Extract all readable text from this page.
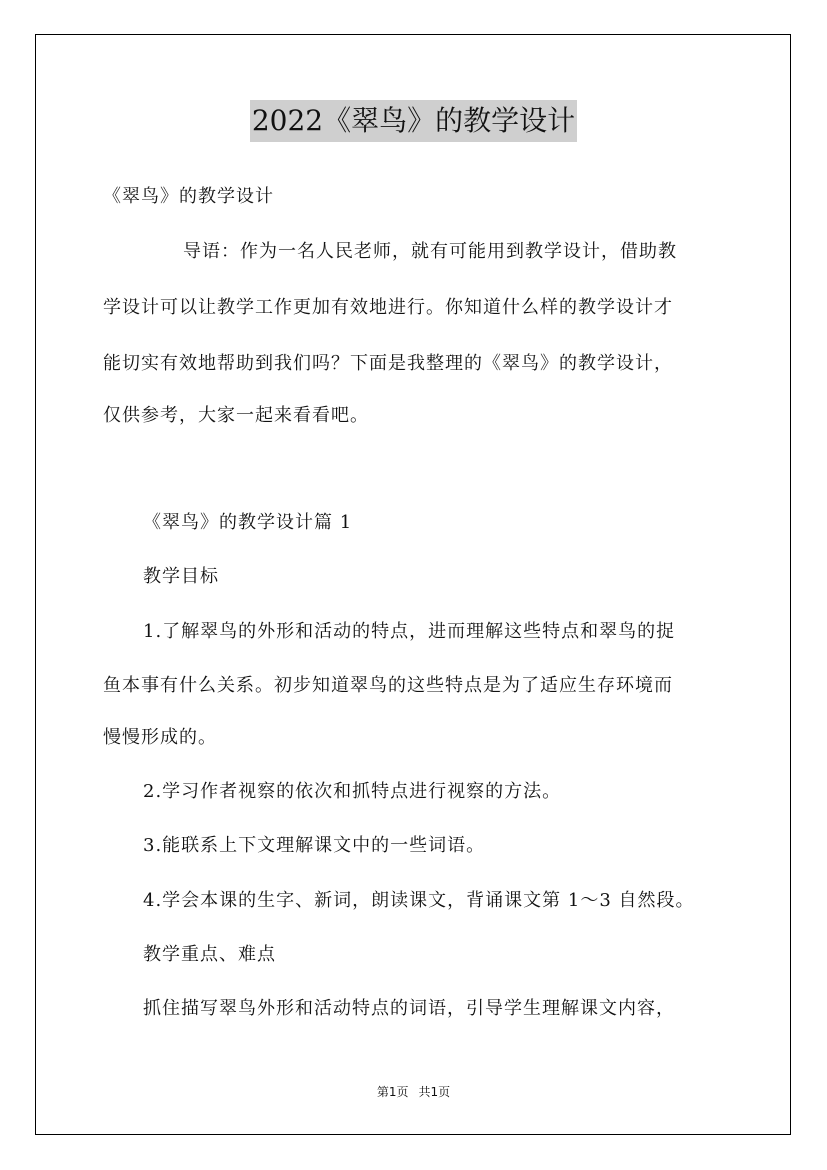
2022《翠鸟》的教学设计
《翠鸟》的教学设计
导语：作为一名人民老师，就有可能用到教学设计，借助教
学设计可以让教学工作更加有效地进行。你知道什么样的教学设计才
能切实有效地帮助到我们吗？下面是我整理的《翠鸟》的教学设计，
仅供参考，大家一起来看看吧。
《翠鸟》的教学设计篇 1
教学目标
1.了解翠鸟的外形和活动的特点，进而理解这些特点和翠鸟的捉
鱼本事有什么关系。初步知道翠鸟的这些特点是为了适应生存环境而
慢慢形成的。
2.学习作者视察的依次和抓特点进行视察的方法。
3.能联系上下文理解课文中的一些词语。
4.学会本课的生字、新词，朗读课文，背诵课文第 1～3 自然段。
教学重点、难点
抓住描写翠鸟外形和活动特点的词语，引导学生理解课文内容，
第1页 共1页
